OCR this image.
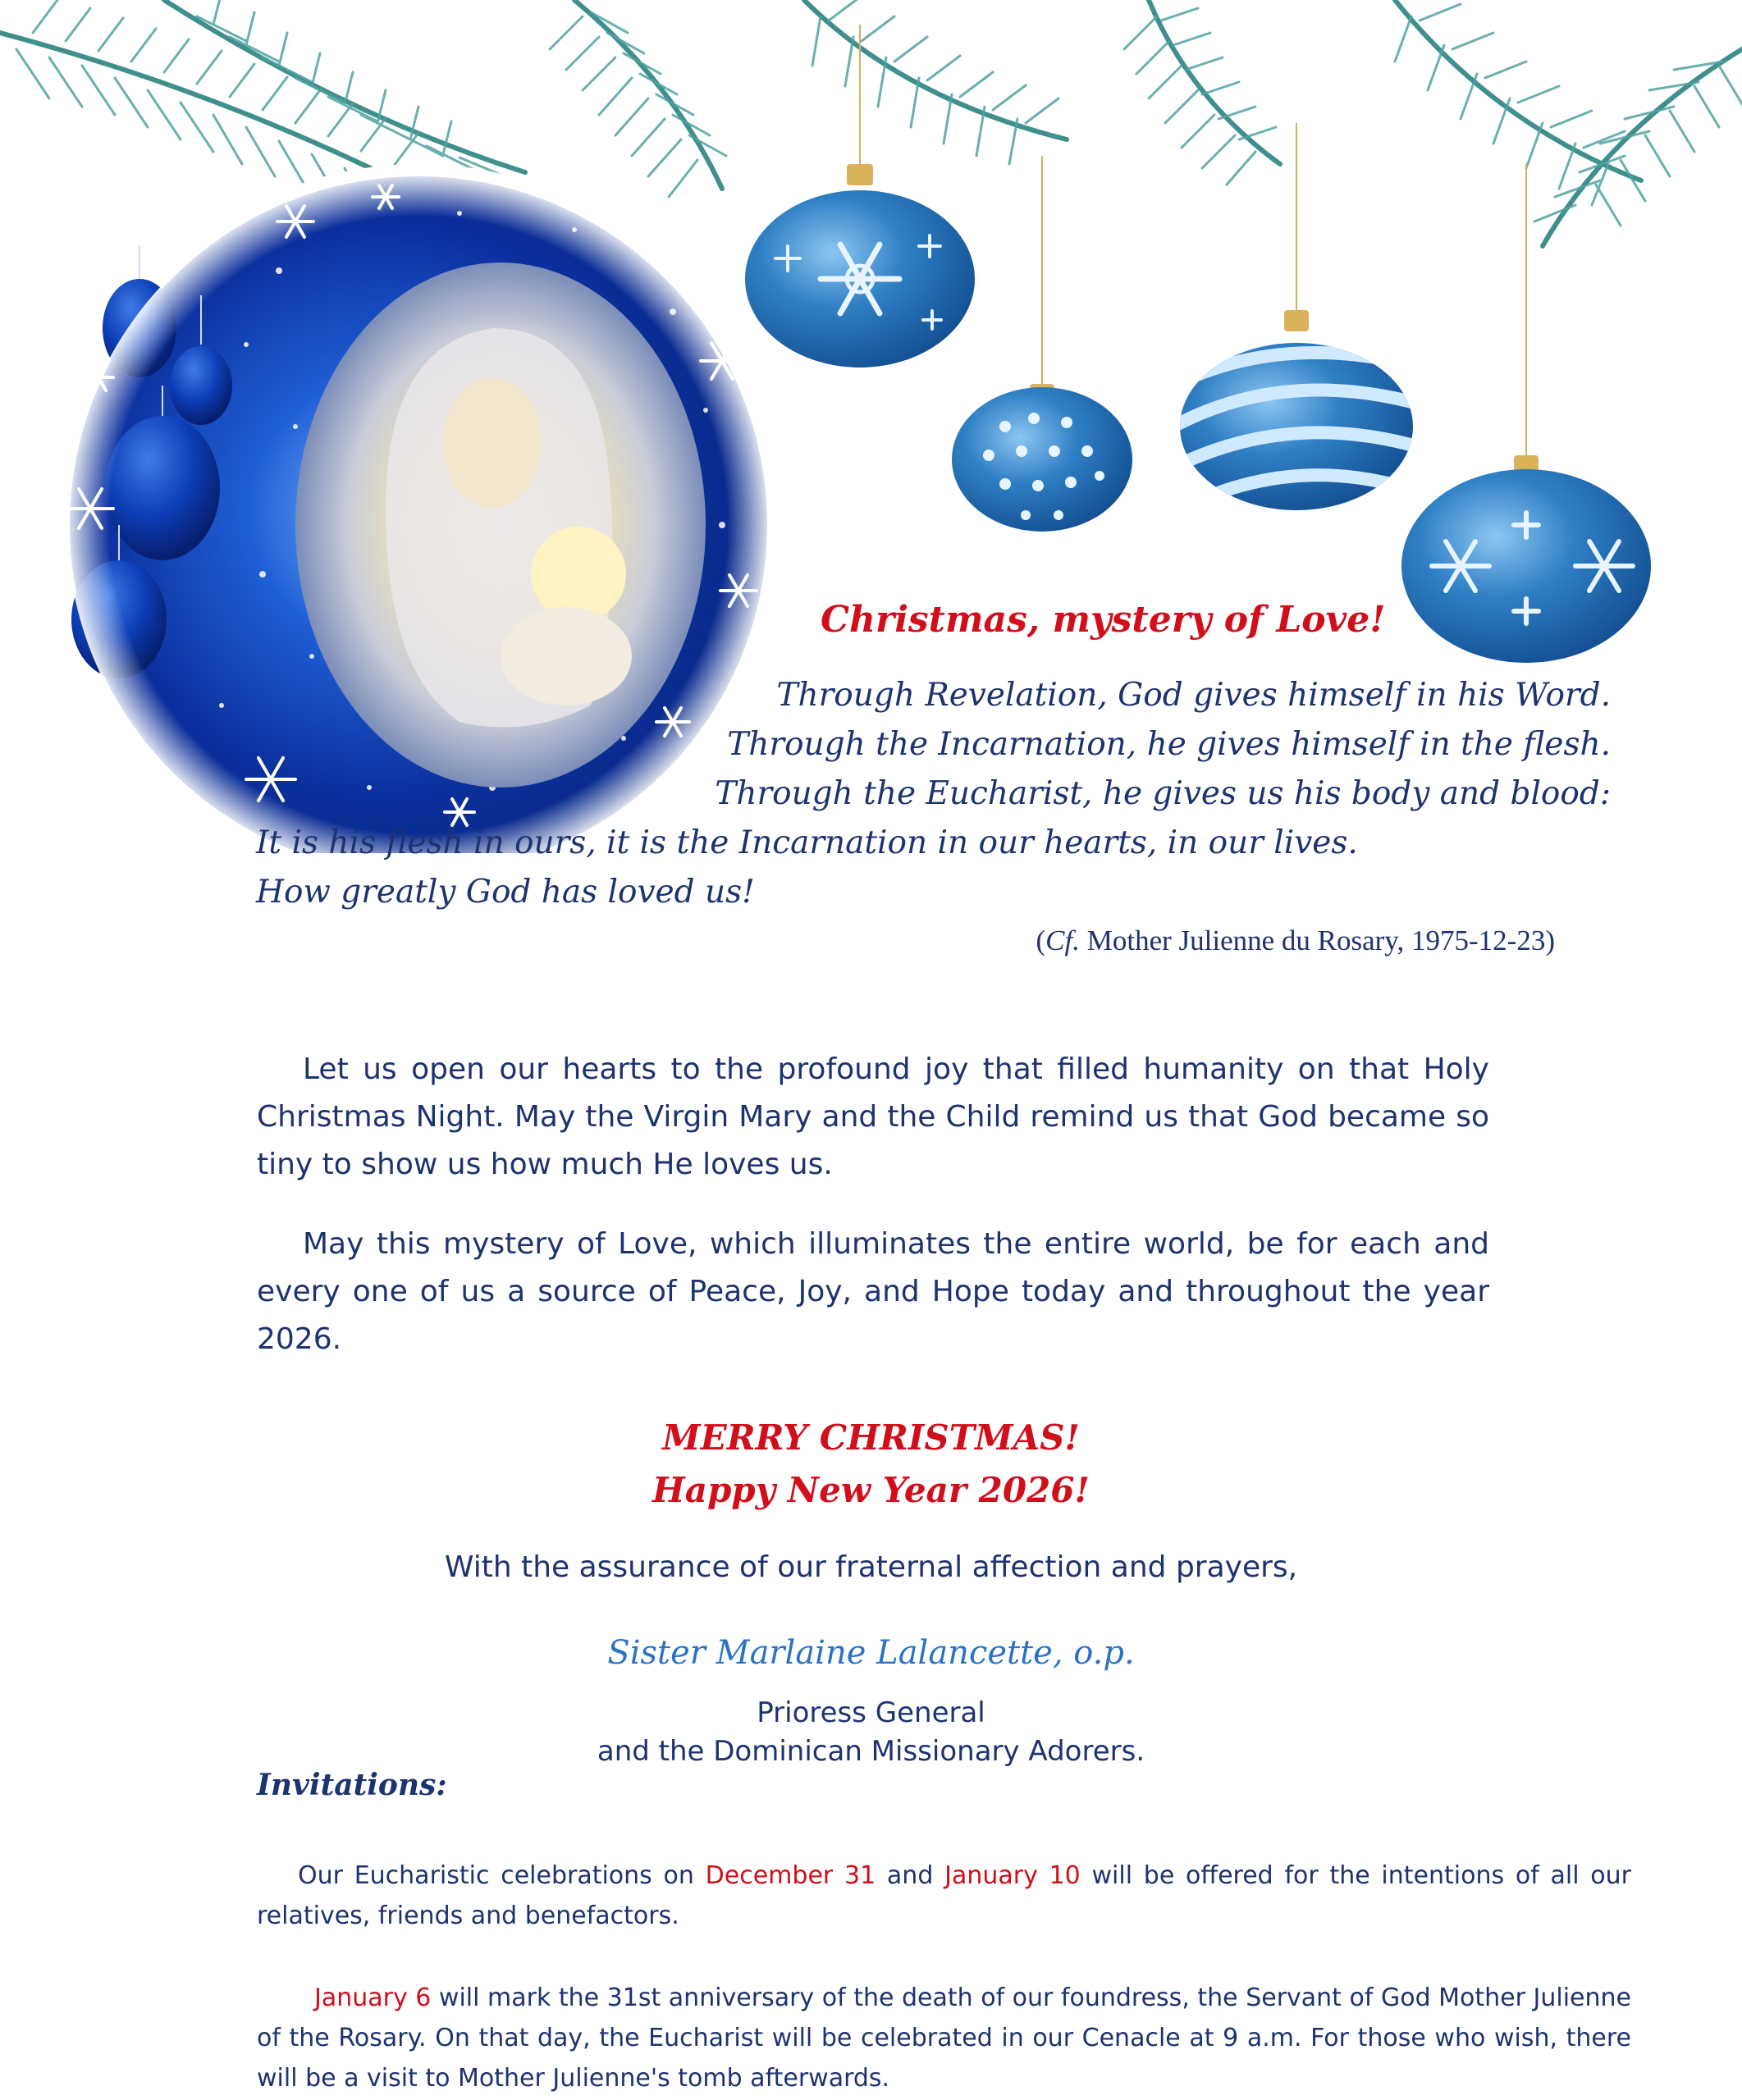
Christmas, mystery of Love!
Through Revelation, God gives himself in his Word.
Through the Incarnation, he gives himself in the flesh.
Through the Eucharist, he gives us his body and blood:
It is his flesh in ours, it is the Incarnation in our hearts, in our lives.
How greatly God has loved us!
(Cf. Mother Julienne du Rosary, 1975-12-23)

Let us open our hearts to the profound joy that filled humanity on that Holy Christmas Night. May the Virgin Mary and the Child remind us that God became so tiny to show us how much He loves us.

May this mystery of Love, which illuminates the entire world, be for each and every one of us a source of Peace, Joy, and Hope today and throughout the year 2026.

MERRY CHRISTMAS!
Happy New Year 2026!
With the assurance of our fraternal affection and prayers,
Sister Marlaine Lalancette, o.p.
Prioress General
and the Dominican Missionary Adorers.
Invitations:

Our Eucharistic celebrations on December 31 and January 10 will be offered for the intentions of all our relatives, friends and benefactors.

January 6 will mark the 31st anniversary of the death of our foundress, the Servant of God Mother Julienne of the Rosary. On that day, the Eucharist will be celebrated in our Cenacle at 9 a.m. For those who wish, there will be a visit to Mother Julienne's tomb afterwards.
